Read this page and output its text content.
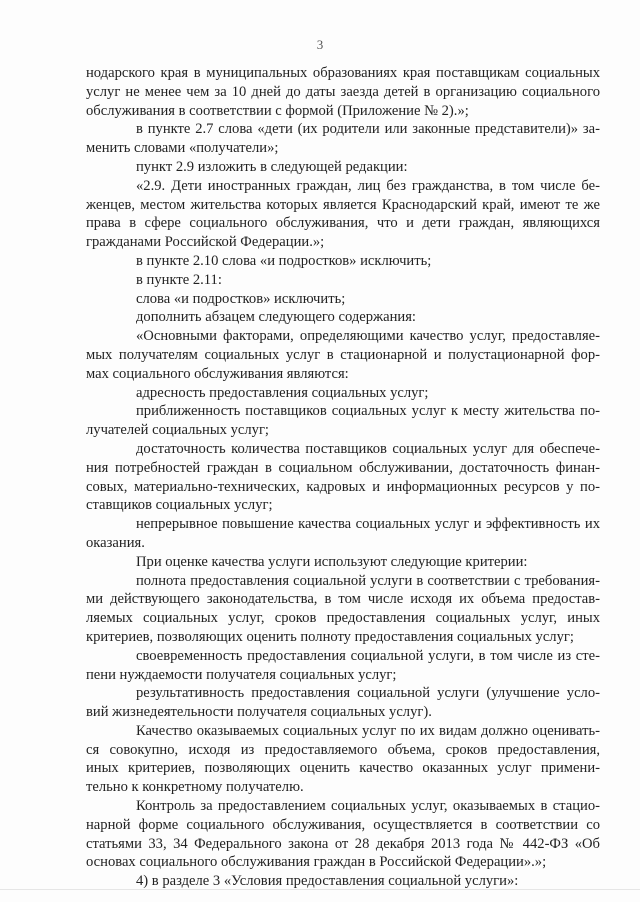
3
нодарского края в муниципальных образованиях края поставщикам социальных
услуг не менее чем за 10 дней до даты заезда детей в организацию социального
обслуживания в соответствии с формой (Приложение № 2).»;
в пункте 2.7 слова «дети (их родители или законные представители)» за-
менить словами «получатели»;
пункт 2.9 изложить в следующей редакции:
«2.9. Дети иностранных граждан, лиц без гражданства, в том числе бе-
женцев, местом жительства которых является Краснодарский край, имеют те же
права в сфере социального обслуживания, что и дети граждан, являющихся
гражданами Российской Федерации.»;
в пункте 2.10 слова «и подростков» исключить;
в пункте 2.11:
слова «и подростков» исключить;
дополнить абзацем следующего содержания:
«Основными факторами, определяющими качество услуг, предоставляе-
мых получателям социальных услуг в стационарной и полустационарной фор-
мах социального обслуживания являются:
адресность предоставления социальных услуг;
приближенность поставщиков социальных услуг к месту жительства по-
лучателей социальных услуг;
достаточность количества поставщиков социальных услуг для обеспече-
ния потребностей граждан в социальном обслуживании, достаточность финан-
совых, материально-технических, кадровых и информационных ресурсов у по-
ставщиков социальных услуг;
непрерывное повышение качества социальных услуг и эффективность их
оказания.
При оценке качества услуги используют следующие критерии:
полнота предоставления социальной услуги в соответствии с требования-
ми действующего законодательства, в том числе исходя их объема предостав-
ляемых социальных услуг, сроков предоставления социальных услуг, иных
критериев, позволяющих оценить полноту предоставления социальных услуг;
своевременность предоставления социальной услуги, в том числе из сте-
пени нуждаемости получателя социальных услуг;
результативность предоставления социальной услуги (улучшение усло-
вий жизнедеятельности получателя социальных услуг).
Качество оказываемых социальных услуг по их видам должно оценивать-
ся совокупно, исходя из предоставляемого объема, сроков предоставления,
иных критериев, позволяющих оценить качество оказанных услуг примени-
тельно к конкретному получателю.
Контроль за предоставлением социальных услуг, оказываемых в стацио-
нарной форме социального обслуживания, осуществляется в соответствии со
статьями 33, 34 Федерального закона от 28 декабря 2013 года № 442-ФЗ «Об
основах социального обслуживания граждан в Российской Федерации».»;
4) в разделе 3 «Условия предоставления социальной услуги»:
